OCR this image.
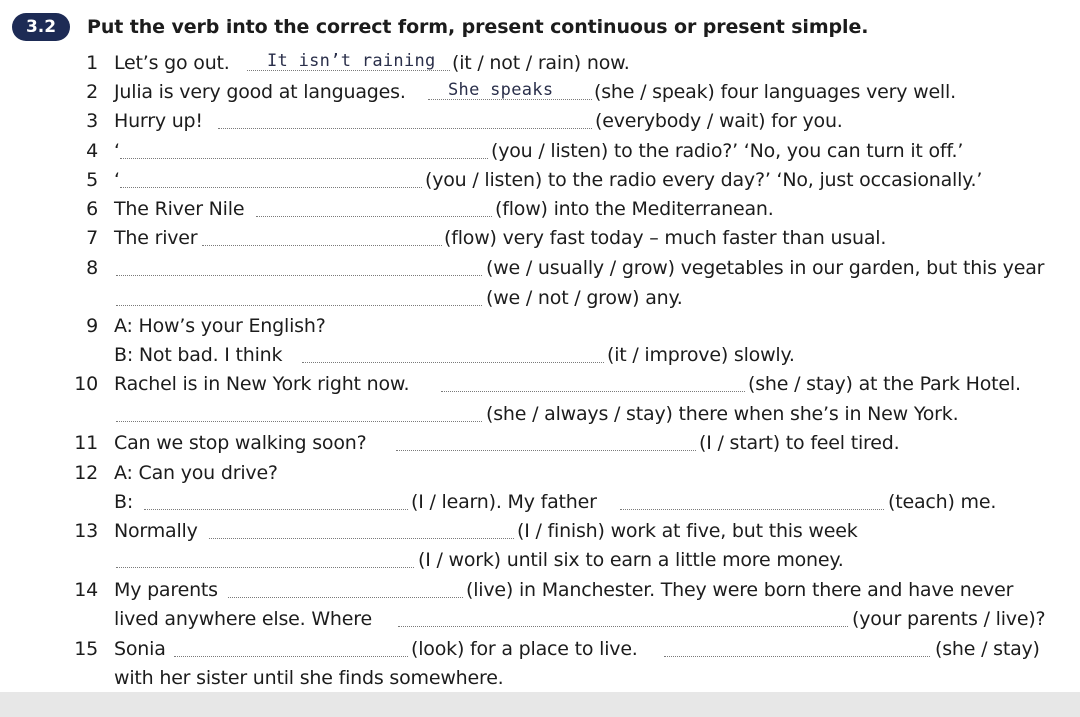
3.2	Put the verb into the correct form, present continuous or present simple.
1 Let’s go out. It isn’t raining (it / not / rain) now.
2 Julia is very good at languages. She speaks (she / speak) four languages very well.
3 Hurry up!	(everybody / wait) for you.
4 ‘	(you / listen) to the radio?’ ‘No, you can turn it off.’
5 ‘	(you / listen) to the radio every day?’ ‘No, just occasionally.’
6 The River Nile	(flow) into the Mediterranean.
7 The river	(flow) very fast today – much faster than usual.
8	(we / usually / grow) vegetables in our garden, but this year
(we / not / grow) any.
9 A: How’s your English?
B: Not bad. I think	(it / improve) slowly.
10 Rachel is in New York right now.	(she / stay) at the Park Hotel.
(she / always / stay) there when she’s in New York.
11 Can we stop walking soon?	(I / start) to feel tired.
12 A: Can you drive?
B:	(I / learn). My father	(teach) me.
13 Normally	(I / finish) work at five, but this week
(I / work) until six to earn a little more money.
14 My parents	(live) in Manchester. They were born there and have never
lived anywhere else. Where	(your parents / live)?
15 Sonia	(look) for a place to live.	(she / stay)
with her sister until she finds somewhere.
